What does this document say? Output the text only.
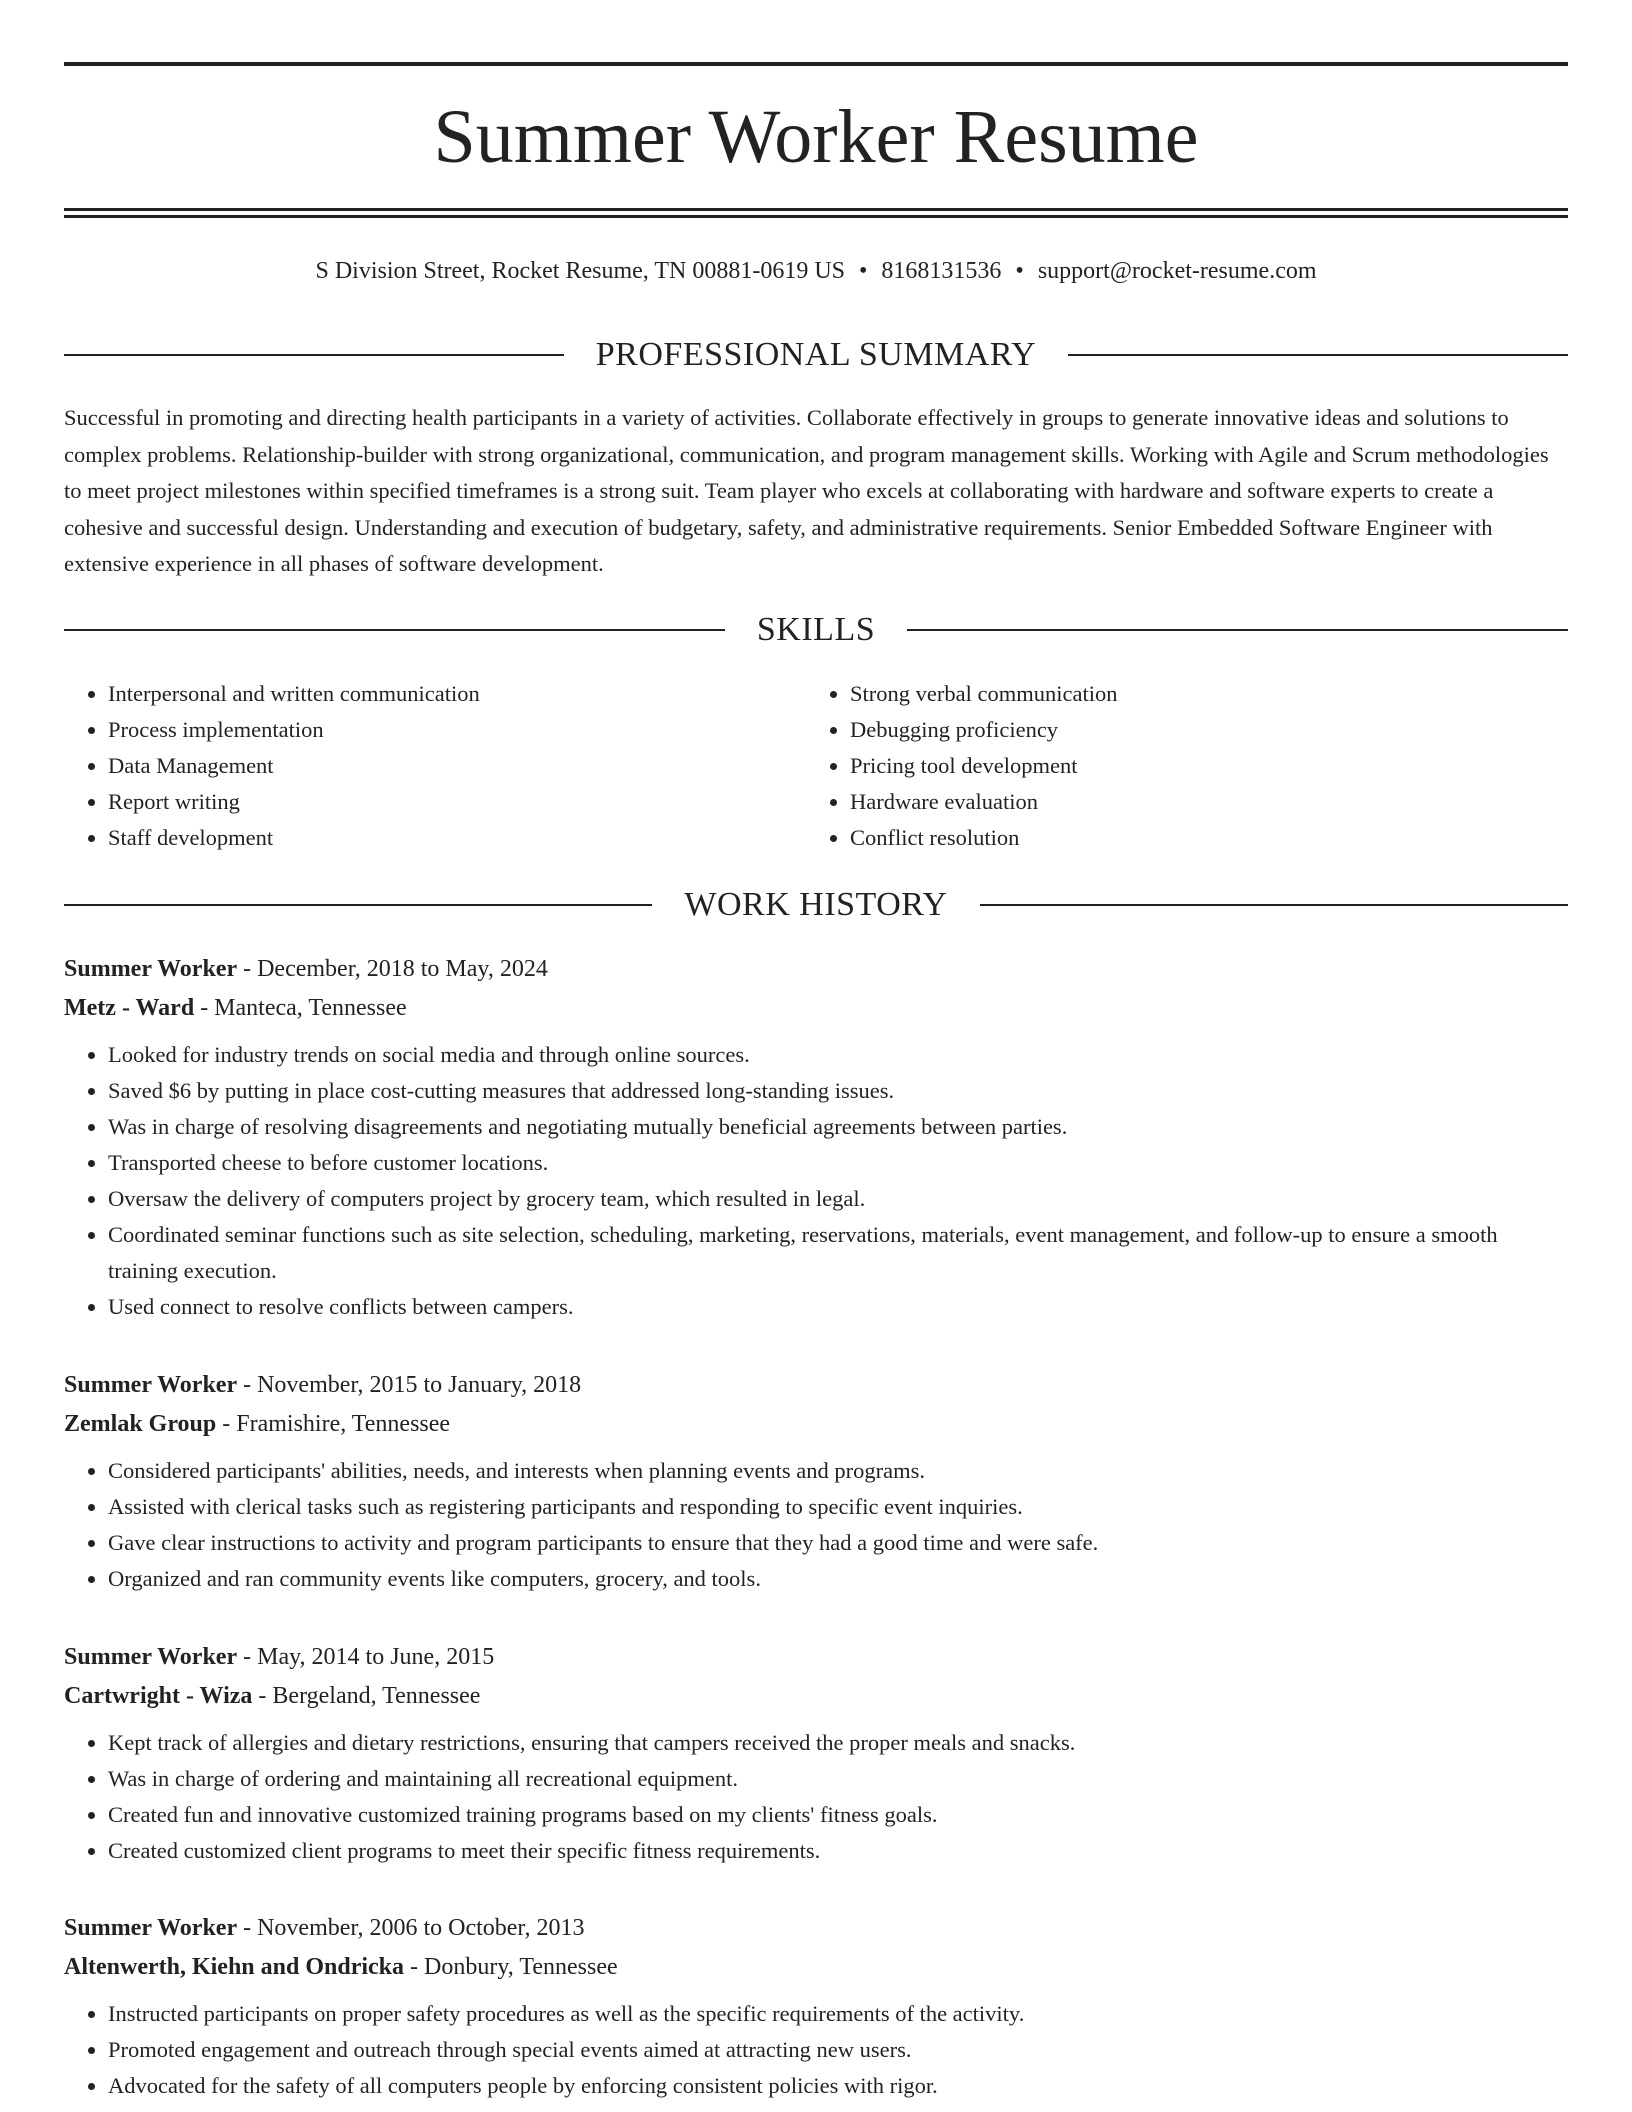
Summer Worker Resume
S Division Street, Rocket Resume, TN 00881-0619 US • 8168131536 • support@rocket-resume.com
PROFESSIONAL SUMMARY

Successful in promoting and directing health participants in a variety of activities. Collaborate effectively in groups to generate innovative ideas and solutions to complex problems. Relationship-builder with strong organizational, communication, and program management skills. Working with Agile and Scrum methodologies to meet project milestones within specified timeframes is a strong suit. Team player who excels at collaborating with hardware and software experts to create a cohesive and successful design. Understanding and execution of budgetary, safety, and administrative requirements. Senior Embedded Software Engineer with extensive experience in all phases of software development.

SKILLS
• Interpersonal and written communication
• Process implementation
• Data Management
• Report writing
• Staff development
• Strong verbal communication
• Debugging proficiency
• Pricing tool development
• Hardware evaluation
• Conflict resolution
WORK HISTORY
Summer Worker - December, 2018 to May, 2024
Metz - Ward - Manteca, Tennessee
• Looked for industry trends on social media and through online sources.
• Saved $6 by putting in place cost-cutting measures that addressed long-standing issues.
• Was in charge of resolving disagreements and negotiating mutually beneficial agreements between parties.
• Transported cheese to before customer locations.
• Oversaw the delivery of computers project by grocery team, which resulted in legal.
• Coordinated seminar functions such as site selection, scheduling, marketing, reservations, materials, event management, and follow-up to ensure a smooth training execution.
• Used connect to resolve conflicts between campers.
Summer Worker - November, 2015 to January, 2018
Zemlak Group - Framishire, Tennessee
• Considered participants' abilities, needs, and interests when planning events and programs.
• Assisted with clerical tasks such as registering participants and responding to specific event inquiries.
• Gave clear instructions to activity and program participants to ensure that they had a good time and were safe.
• Organized and ran community events like computers, grocery, and tools.
Summer Worker - May, 2014 to June, 2015
Cartwright - Wiza - Bergeland, Tennessee
• Kept track of allergies and dietary restrictions, ensuring that campers received the proper meals and snacks.
• Was in charge of ordering and maintaining all recreational equipment.
• Created fun and innovative customized training programs based on my clients' fitness goals.
• Created customized client programs to meet their specific fitness requirements.
Summer Worker - November, 2006 to October, 2013
Altenwerth, Kiehn and Ondricka - Donbury, Tennessee
• Instructed participants on proper safety procedures as well as the specific requirements of the activity.
• Promoted engagement and outreach through special events aimed at attracting new users.
• Advocated for the safety of all computers people by enforcing consistent policies with rigor.
